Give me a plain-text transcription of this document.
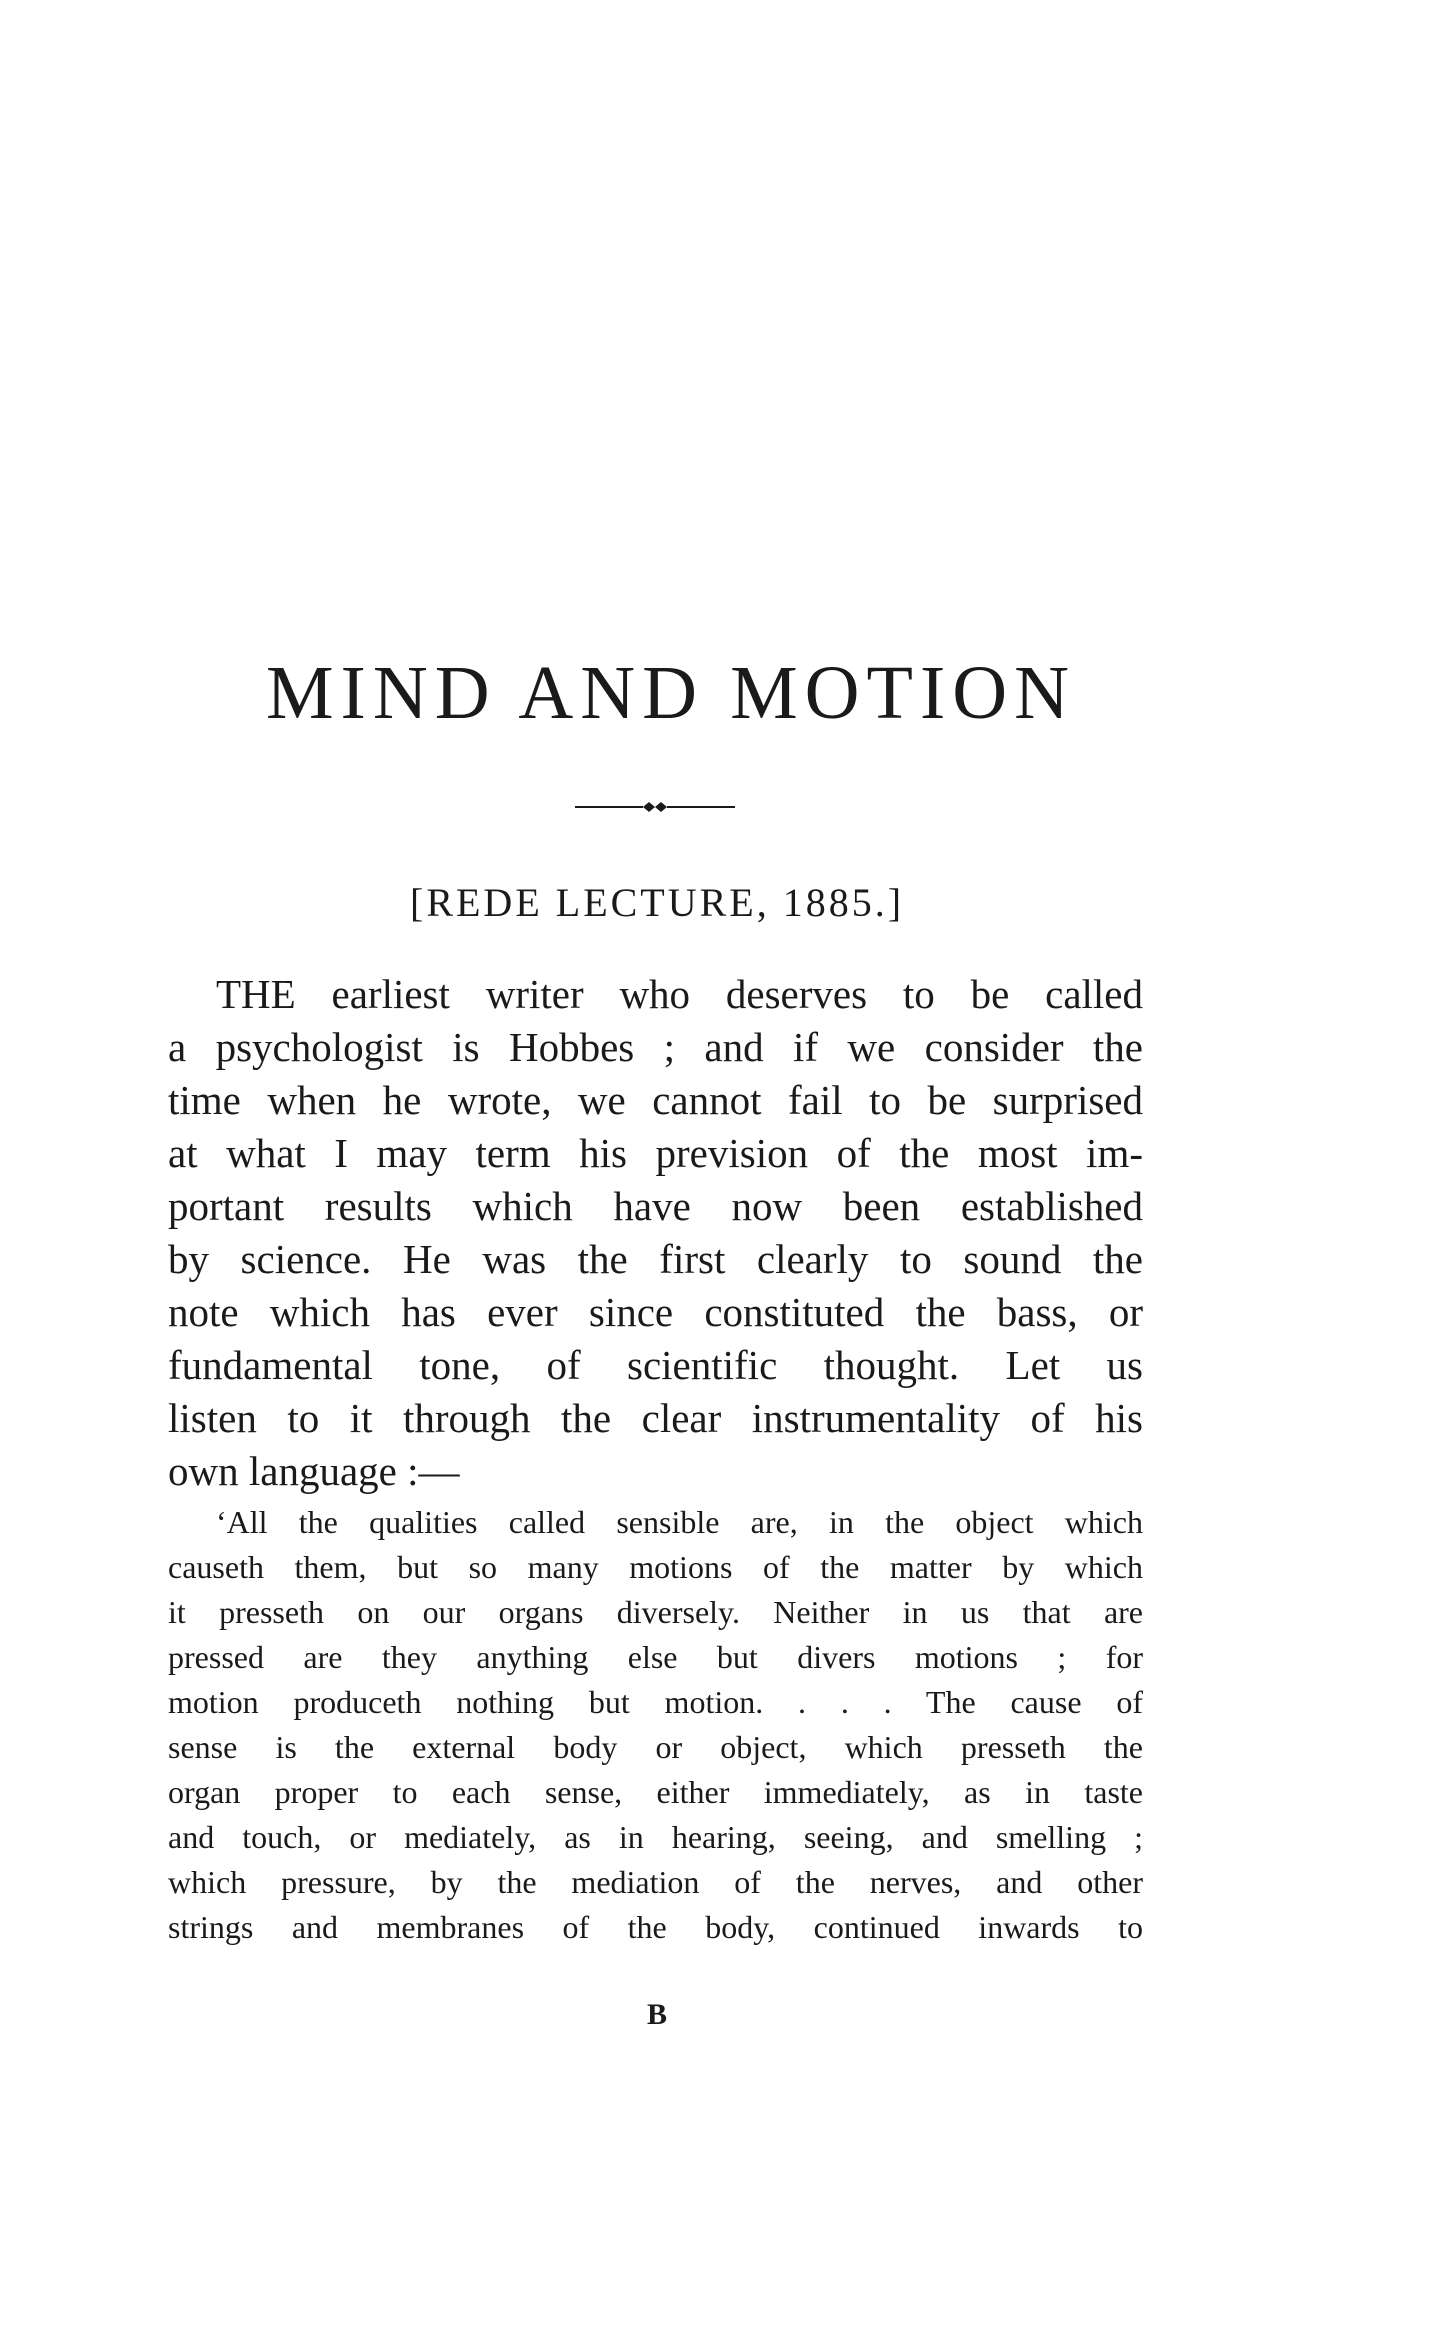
MIND AND MOTION
[REDE LECTURE, 1885.]
THE earliest writer who deserves to be called
a psychologist is Hobbes ; and if we consider the
time when he wrote, we cannot fail to be surprised
at what I may term his prevision of the most im-
portant results which have now been established
by science. He was the first clearly to sound the
note which has ever since constituted the bass, or
fundamental tone, of scientific thought. Let us
listen to it through the clear instrumentality of his
own language :—
‘All the qualities called sensible are, in the object which
causeth them, but so many motions of the matter by which
it presseth on our organs diversely. Neither in us that are
pressed are they anything else but divers motions ; for
motion produceth nothing but motion. . . . The cause of
sense is the external body or object, which presseth the
organ proper to each sense, either immediately, as in taste
and touch, or mediately, as in hearing, seeing, and smelling ;
which pressure, by the mediation of the nerves, and other
strings and membranes of the body, continued inwards to
B
